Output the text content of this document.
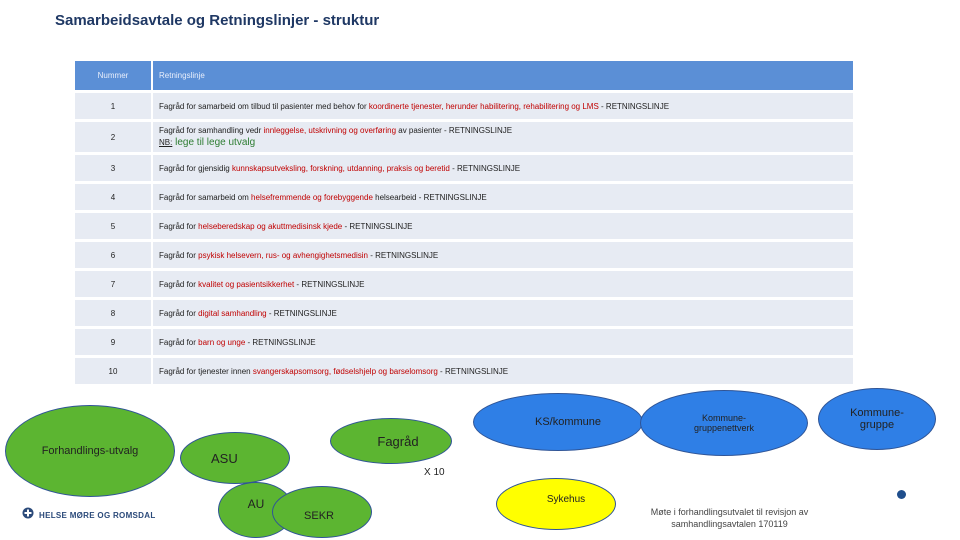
Samarbeidsavtale og Retningslinjer - struktur
Nummer	Retningslinje
1	Fagråd for samarbeid om tilbud til pasienter med behov for koordinerte tjenester, herunder habilitering, rehabilitering og LMS - RETNINGSLINJE
2	Fagråd for samhandling vedr innleggelse, utskrivning og overføring av pasienter - RETNINGSLINJE
NB: lege til lege utvalg

3	Fagråd for gjensidig kunnskapsutveksling, forskning, utdanning, praksis og beretid - RETNINGSLINJE
4	Fagråd for samarbeid om helsefremmende og forebyggende helsearbeid - RETNINGSLINJE
5	Fagråd for helseberedskap og akuttmedisinsk kjede - RETNINGSLINJE
6	Fagråd for psykisk helsevern, rus- og avhengighetsmedisin - RETNINGSLINJE
7	Fagråd for kvalitet og pasientsikkerhet - RETNINGSLINJE
8	Fagråd for digital samhandling - RETNINGSLINJE
9	Fagråd for barn og unge - RETNINGSLINJE
10	Fagråd for tjenester innen svangerskapsomsorg, fødselshjelp og barselomsorg - RETNINGSLINJE
Forhandlings-utvalg	ASU
Fagråd
X 10
AU
SEKR
KS/kommune	Kommune-gruppenettverk
Kommune-gruppe
Sykehus
HELSE MØRE OG ROMSDAL	Møte i forhandlingsutvalet til revisjon av samhandlingsavtalen 170119
